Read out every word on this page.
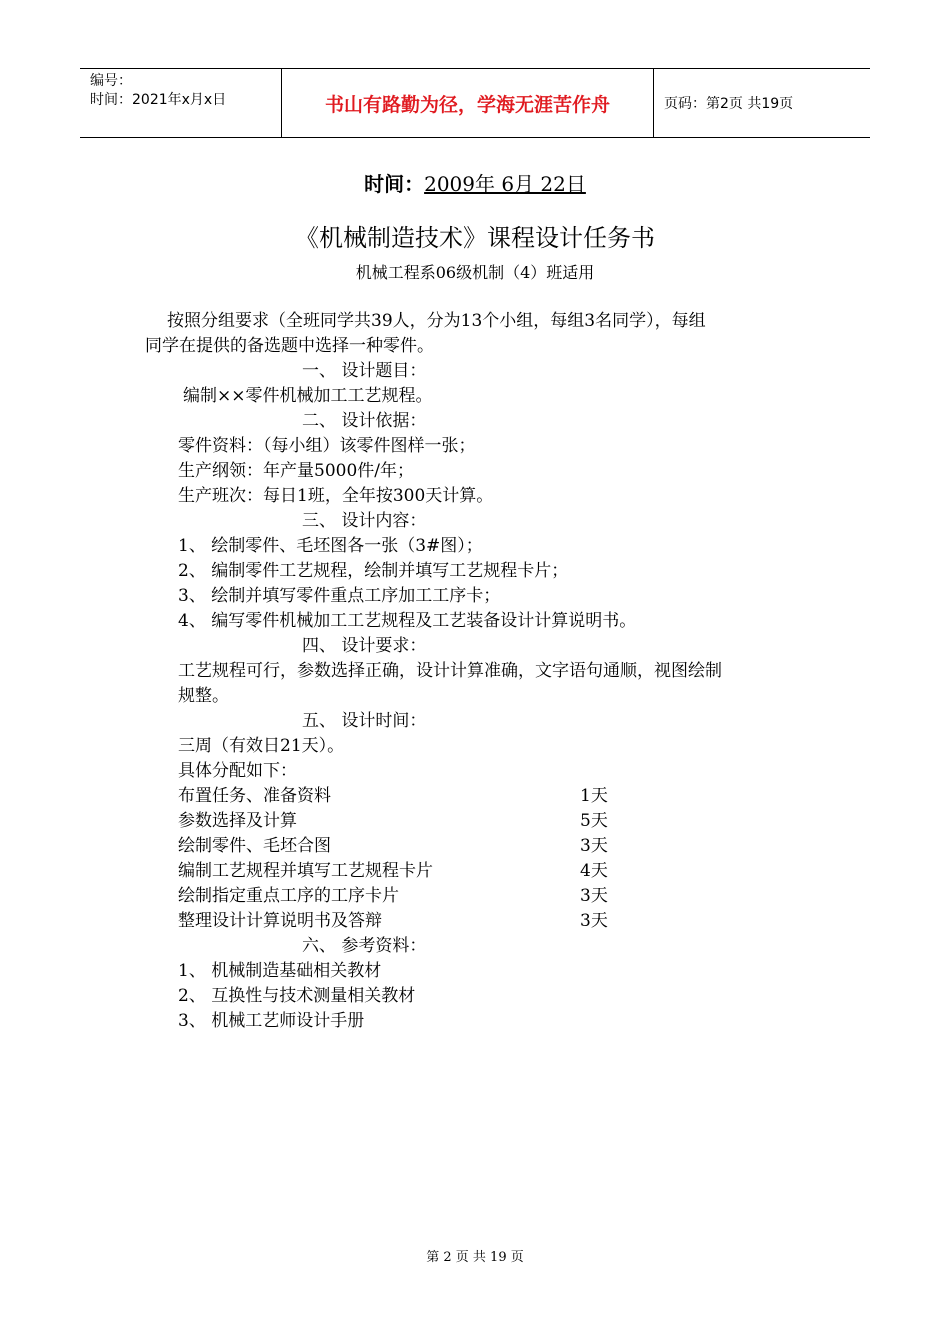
编号：
时间：2021年x月x日	书山有路勤为径，学海无涯苦作舟	页码：第2页 共19页
时间：2009年 6月 22日
《机械制造技术》课程设计任务书
机械工程系06级机制（4）班适用
按照分组要求（全班同学共39人，分为13个小组，每组3名同学），每组
同学在提供的备选题中选择一种零件。
一、 设计题目：
编制××零件机械加工工艺规程。
二、 设计依据：
零件资料：（每小组）该零件图样一张；
生产纲领：年产量5000件/年；
生产班次：每日1班，全年按300天计算。
三、 设计内容：
1、 绘制零件、毛坯图各一张（3#图）；
2、 编制零件工艺规程，绘制并填写工艺规程卡片；
3、 绘制并填写零件重点工序加工工序卡；
4、 编写零件机械加工工艺规程及工艺装备设计计算说明书。
四、 设计要求：
工艺规程可行，参数选择正确，设计计算准确，文字语句通顺，视图绘制
规整。
五、 设计时间：
三周（有效日21天）。
具体分配如下：
布置任务、准备资料	1天
参数选择及计算	5天
绘制零件、毛坯合图	3天
编制工艺规程并填写工艺规程卡片	4天
绘制指定重点工序的工序卡片	3天
整理设计计算说明书及答辩	3天
六、 参考资料：
1、 机械制造基础相关教材
2、 互换性与技术测量相关教材
3、 机械工艺师设计手册
第 2 页 共 19 页
